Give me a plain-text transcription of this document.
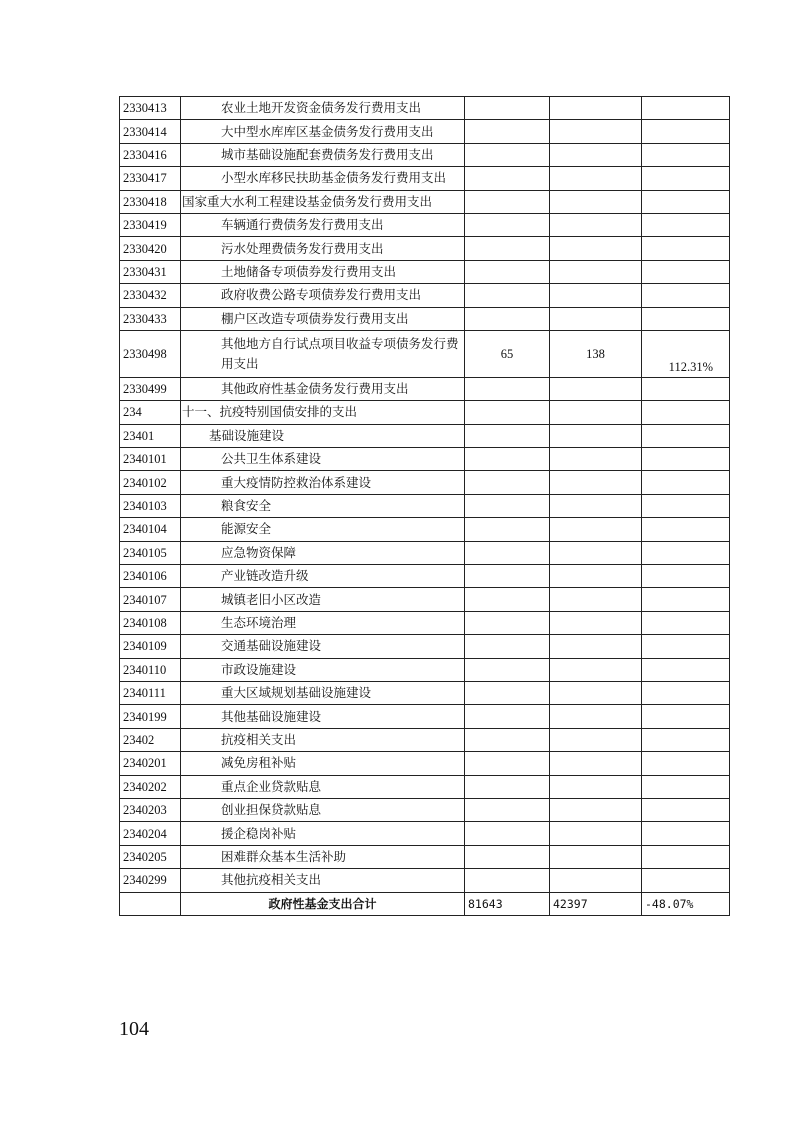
2330413	农业土地开发资金债务发行费用支出			
2330414	大中型水库库区基金债务发行费用支出			
2330416	城市基础设施配套费债务发行费用支出			
2330417	小型水库移民扶助基金债务发行费用支出			
2330418	国家重大水利工程建设基金债务发行费用支出			
2330419	车辆通行费债务发行费用支出			
2330420	污水处理费债务发行费用支出			
2330431	土地储备专项债券发行费用支出			
2330432	政府收费公路专项债券发行费用支出			
2330433	棚户区改造专项债券发行费用支出			
2330498	其他地方自行试点项目收益专项债务发行费用支出	65	138	112.31%
2330499	其他政府性基金债务发行费用支出			
234	十一、抗疫特别国债安排的支出			
23401	基础设施建设			
2340101	公共卫生体系建设			
2340102	重大疫情防控救治体系建设			
2340103	粮食安全			
2340104	能源安全			
2340105	应急物资保障			
2340106	产业链改造升级			
2340107	城镇老旧小区改造			
2340108	生态环境治理			
2340109	交通基础设施建设			
2340110	市政设施建设			
2340111	重大区域规划基础设施建设			
2340199	其他基础设施建设			
23402	抗疫相关支出			
2340201	减免房租补贴			
2340202	重点企业贷款贴息			
2340203	创业担保贷款贴息			
2340204	援企稳岗补贴			
2340205	困难群众基本生活补助			
2340299	其他抗疫相关支出			
	政府性基金支出合计	81643	42397	-48.07%
104
